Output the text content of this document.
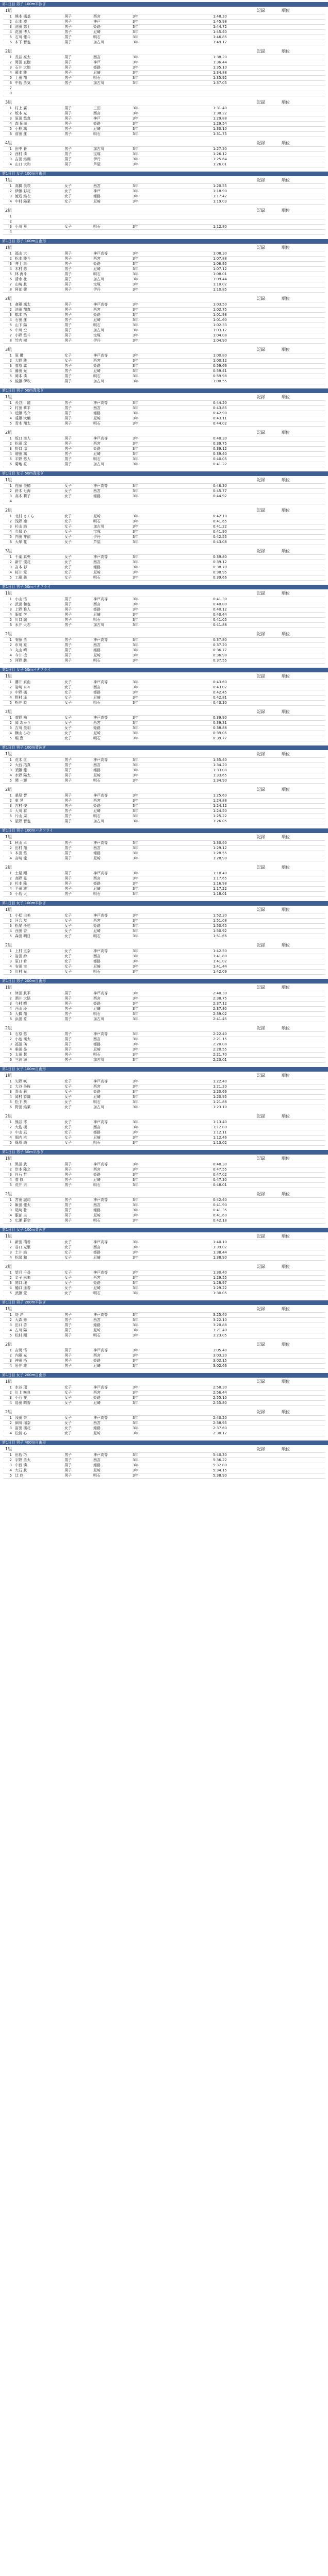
第1日目 男子 100m平泳ぎ
1組	記録	順位
1	熊本 楓基	男子	西宮	3年	1:48.30	
2	山本 凛	男子	神戸	3年	1:45.98	
3	池田 悠士	男子	姫路	3年	1:44.72	
4	花田 博人	男子	尼崎	3年	1:45.40	
5	石川 健斗	男子	明石	3年	1:46.85	
6	木下 智也	男子	加古川	3年	1:49.12	
2組	記録	順位
1	長谷 亮太	男子	西宮	3年	1:38.20	
2	岡田 直樹	男子	神戸	3年	1:36.44	
3	石井 大地	男子	姫路	3年	1:35.10	
4	藤本 陸	男子	尼崎	3年	1:34.88	
5	上田 翔	男子	明石	3年	1:35.92	
6	中島 勇気	男子	加古川	3年	1:37.05	
7						
8						
3組	記録	順位
1	村上 翼	男子	三田	3年	1:31.40	
2	坂本 光	男子	西宮	3年	1:30.22	
3	原田 悠真	男子	神戸	3年	1:29.88	
4	森 拓海	男子	姫路	3年	1:29.54	
5	小林 颯	男子	尼崎	3年	1:30.10	
6	前田 蓮	男子	明石	3年	1:31.75	
4組	記録	順位
1	田中 蒼	男子	加古川	3年	1:27.30	
2	西村 湊	男子	宝塚	3年	1:26.12	
3	吉田 結翔	男子	伊丹	3年	1:25.64	
4	山口 大和	男子	芦屋	3年	1:26.01	
第1日目 女子 100m自由形
1組	記録	順位
1	高橋 美咲	女子	西宮	3年	1:20.55	
2	伊藤 彩花	女子	神戸	3年	1:18.90	
3	渡辺 結衣	女子	姫路	3年	1:17.42	
4	中村 陽菜	女子	尼崎	3年	1:19.03	
2組	記録	順位
1						
2						
3	小川 葵	女子	明石	3年	1:12.80	
4						
第1日目 男子 100m自由形
1組	記録	順位
1	福山 大	男子	神戸高等	3年	1:08.30	
2	松本 陸斗	男子	西宮	3年	1:07.88	
3	井上 隼	男子	姫路	3年	1:06.95	
4	木村 悠	男子	尼崎	3年	1:07.12	
5	林 海斗	男子	明石	3年	1:08.01	
6	清水 壮	男子	加古川	3年	1:09.44	
7	山崎 航	男子	宝塚	3年	1:10.02	
8	阿部 健	男子	伊丹	3年	1:10.85	
2組	記録	順位
1	斎藤 颯太	男子	神戸高等	3年	1:03.50	
2	池田 翔真	男子	西宮	3年	1:02.75	
3	橋本 拓	男子	姫路	3年	1:01.98	
4	石田 蓮	男子	尼崎	3年	1:01.60	
5	山下 陽	男子	明石	3年	1:02.33	
6	中川 空	男子	加古川	3年	1:03.12	
7	小野 悠斗	男子	宝塚	3年	1:04.08	
8	竹内 樹	男子	伊丹	3年	1:04.90	
3組	記録	順位
1	原 優	女子	神戸高等	3年	1:00.80	
2	大野 陸	女子	西宮	3年	1:00.12	
3	菅原 翼	男子	姫路	3年	0:59.66	
4	藤田 光	男子	尼崎	3年	0:59.41	
5	岡本 湊	男子	明石	3年	0:59.98	
6	後藤 伊吹	男子	加古川	3年	1:00.55	
第1日目 男子 50m背泳ぎ
1組	記録	順位
1	長谷川 龍	男子	神戸高等	3年	0:44.20	
2	村田 耕平	男子	西宮	3年	0:43.85	
3	近藤 祐介	男子	姫路	3年	0:42.90	
4	遠藤 大輔	男子	尼崎	3年	0:43.11	
5	青木 翔太	男子	明石	3年	0:44.02	
2組	記録	順位
1	坂口 海人	男子	神戸高等	3年	0:40.30	
2	松田 遼	男子	西宮	3年	0:39.75	
3	野口 涼	男子	姫路	3年	0:39.12	
4	増田 颯	男子	尼崎	3年	0:39.40	
5	平野 悠人	男子	明石	3年	0:40.05	
6	菊地 匠	男子	加古川	3年	0:41.22	
第1日目 女子 50m背泳ぎ
1組	記録	順位
1	佐藤 美穂	女子	神戸高等	3年	0:46.30	
2	鈴木 七海	女子	西宮	3年	0:45.77	
3	高木 莉子	女子	姫路	3年	0:44.92	
4						
2組	記録	順位
1	北村 さくら	女子	尼崎	3年	0:42.10	
2	浅野 凛	女子	明石	3年	0:41.65	
3	杉山 結	女子	加古川	3年	0:41.22	
4	久保 心	女子	宝塚	3年	0:41.90	
5	内田 芽依	女子	伊丹	3年	0:42.55	
6	大塚 花	女子	芦屋	3年	0:43.08	
3組	記録	順位
1	千葉 真央	女子	神戸高等	3年	0:39.80	
2	新井 優花	女子	西宮	3年	0:39.12	
3	宮本 彩	女子	姫路	3年	0:38.70	
4	桜井 愛	女子	尼崎	3年	0:38.95	
5	工藤 舞	女子	明石	3年	0:39.66	
第1日目 男子 50mバタフライ
1組	記録	順位
1	小山 悟	男子	神戸高等	3年	0:41.30	
2	武田 和也	男子	西宮	3年	0:40.80	
3	上野 雅人	男子	姫路	3年	0:40.12	
4	服部 学	男子	尼崎	3年	0:40.44	
5	川口 誠	男子	明石	3年	0:41.05	
6	永井 大志	男子	加古川	3年	0:41.88	
2組	記録	順位
1	安藤 勇	男子	神戸高等	3年	0:37.80	
2	市川 亮	男子	西宮	3年	0:37.20	
3	丸山 晴	男子	姫路	3年	0:36.77	
4	今井 凌	男子	尼崎	3年	0:36.98	
5	河野 駿	男子	明石	3年	0:37.55	
第1日目 女子 50mバタフライ
1組	記録	順位
1	藤井 真由	女子	神戸高等	3年	0:43.60	
2	岩崎 奈々	女子	西宮	3年	0:43.02	
3	中野 楓	女子	姫路	3年	0:42.45	
4	野村 遥	女子	尼崎	3年	0:42.81	
5	松井 詩	女子	明石	3年	0:43.30	
2組	記録	順位
1	菅野 柚	女子	神戸高等	3年	0:39.90	
2	岡 あかり	女子	西宮	3年	0:39.31	
3	吉川 美羽	女子	姫路	3年	0:38.88	
4	横山 ひな	女子	尼崎	3年	0:39.05	
5	堀 恵	女子	明石	3年	0:39.77	
第1日目 男子 100m背泳ぎ
1組	記録	順位
1	荒木 匡	男子	神戸高等	3年	1:35.40	
2	大西 拓真	男子	西宮	3年	1:34.20	
3	須藤 健	男子	姫路	3年	1:33.08	
4	水野 陽太	男子	尼崎	3年	1:33.65	
5	関 一輝	男子	明石	3年	1:34.90	
2組	記録	順位
1	桑原 智	男子	神戸高等	3年	1:25.60	
2	東 晃	男子	西宮	3年	1:24.88	
3	吉村 俊	男子	姫路	3年	1:24.12	
4	大川 将	男子	尼崎	3年	1:24.50	
5	片山 周	男子	明石	3年	1:25.22	
6	星野 智也	男子	加古川	3年	1:26.05	
第1日目 男子 100mバタフライ
1組	記録	順位
1	秋山 卓	男子	神戸高等	3年	1:30.40	
2	田村 翔	男子	西宮	3年	1:29.12	
3	本田 悠	男子	姫路	3年	1:28.55	
4	宮崎 龍	男子	尼崎	3年	1:28.90	
2組	記録	順位
1	土屋 剛	男子	神戸高等	3年	1:18.40	
2	高野 晃	男子	西宮	3年	1:17.65	
3	杉本 隆	男子	姫路	3年	1:16.98	
4	平田 雄	男子	尼崎	3年	1:17.22	
5	小島 大	男子	明石	3年	1:18.01	
第1日目 女子 100m平泳ぎ
1組	記録	順位
1	小松 由美	女子	神戸高等	3年	1:52.30	
2	河合 友	女子	西宮	3年	1:51.08	
3	松尾 沙也	女子	姫路	3年	1:50.45	
4	西田 香	女子	尼崎	3年	1:50.92	
5	森田 明日	女子	明石	3年	1:51.66	
2組	記録	順位
1	上村 里奈	女子	神戸高等	3年	1:42.50	
2	岩田 紗	女子	西宮	3年	1:41.80	
3	原口 希	女子	姫路	3年	1:41.02	
4	安田 実	女子	尼崎	3年	1:41.44	
5	川村 光	女子	明石	3年	1:42.09	
第1日目 男子 200m自由形
1組	記録	順位
1	津田 航平	男子	神戸高等	3年	2:40.30	
2	酒井 大悟	男子	西宮	3年	2:38.75	
3	今村 晴	男子	姫路	3年	2:37.12	
4	西山 玲	男子	尼崎	3年	2:37.80	
5	大橋 翔	男子	明石	3年	2:39.02	
6	浜田 匠	男子	加古川	3年	2:41.45	
2組	記録	順位
1	石原 悠	男子	神戸高等	3年	2:22.40	
2	小池 颯太	男子	西宮	3年	2:21.15	
3	福田 瑛	男子	姫路	3年	2:20.08	
4	柴田 昴	男子	尼崎	3年	2:20.55	
5	太田 慧	男子	明石	3年	2:21.70	
6	三浦 海	男子	加古川	3年	2:23.01	
第1日目 女子 100m自由形
1組	記録	順位
1	矢野 咲	女子	神戸高等	3年	1:22.40	
2	大谷 美桜	女子	西宮	3年	1:21.20	
3	青山 莉	女子	姫路	3年	1:20.66	
4	岡村 詩織	女子	尼崎	3年	1:20.95	
5	松下 葵	女子	明石	3年	1:21.88	
6	野田 結菜	女子	加古川	3年	1:23.10	
2組	記録	順位
1	熊谷 澪	女子	神戸高等	3年	1:13.40	
2	大島 楓	女子	西宮	3年	1:12.80	
3	中山 凪	女子	姫路	3年	1:12.11	
4	堀内 桃	女子	尼崎	3年	1:12.46	
5	篠原 紬	女子	明石	3年	1:13.02	
第1日目 男子 50m平泳ぎ
1組	記録	順位
1	黒田 武	男子	神戸高等	3年	0:48.30	
2	岸本 隆之	男子	西宮	3年	0:47.55	
3	白石 哲	男子	姫路	3年	0:47.02	
4	菅 修	男子	尼崎	3年	0:47.30	
5	荒井 崇	男子	明石	3年	0:48.01	
2組	記録	順位
1	宮田 誠司	男子	神戸高等	3年	0:42.40	
2	飯田 健太	男子	西宮	3年	0:41.90	
3	尾崎 聡	男子	姫路	3年	0:41.35	
4	服部 圭	男子	尼崎	3年	0:41.60	
5	広瀬 蒼空	男子	明石	3年	0:42.18	
第1日目 女子 100m背泳ぎ
1組	記録	順位
1	新田 瑞希	女子	神戸高等	3年	1:40.10	
2	谷口 光里	女子	西宮	3年	1:39.02	
3	土井 結	女子	姫路	3年	1:38.44	
4	松岡 和	女子	尼崎	3年	1:38.90	
2組	記録	順位
1	望月 千尋	女子	神戸高等	3年	1:30.40	
2	金子 未来	女子	西宮	3年	1:29.55	
3	関口 理	女子	姫路	3年	1:28.97	
4	樋口 遥香	女子	尼崎	3年	1:29.22	
5	武藤 愛	女子	明石	3年	1:30.05	
第1日目 男子 200m平泳ぎ
1組	記録	順位
1	堤 洋	男子	神戸高等	3年	3:25.40	
2	大森 修	男子	西宮	3年	3:22.10	
3	田口 啓	男子	姫路	3年	3:20.88	
4	古川 陽	男子	尼崎	3年	3:21.40	
5	松村 剛	男子	明石	3年	3:23.05	
2組	記録	順位
1	吉岡 悟	男子	神戸高等	3年	3:05.40	
2	内藤 光	男子	西宮	3年	3:03.20	
3	神田 拓	男子	姫路	3年	3:02.15	
4	岩井 雄	男子	尼崎	3年	3:02.66	
第1日目 女子 200m自由形
1組	記録	順位
1	水谷 瑠	女子	神戸高等	3年	2:58.30	
2	川上 咲良	女子	西宮	3年	2:56.44	
3	小西 芽	女子	姫路	3年	2:55.10	
4	島田 晴香	女子	尼崎	3年	2:55.80	
2組	記録	順位
1	浅田 奈	女子	神戸高等	3年	2:40.20	
2	細川 瑠奈	女子	西宮	3年	2:38.95	
3	富田 楓花	女子	姫路	3年	2:37.60	
4	松浦 心	女子	尼崎	3年	2:38.12	
第1日目 男子 400m自由形
1組	記録	順位
1	田島 巧	男子	神戸高等	3年	5:40.30	
2	宇野 勇太	男子	西宮	3年	5:36.22	
3	中西 湊	男子	姫路	3年	5:32.80	
4	大石 航	男子	尼崎	3年	5:34.15	
5	辻 伶	男子	明石	3年	5:38.90	
